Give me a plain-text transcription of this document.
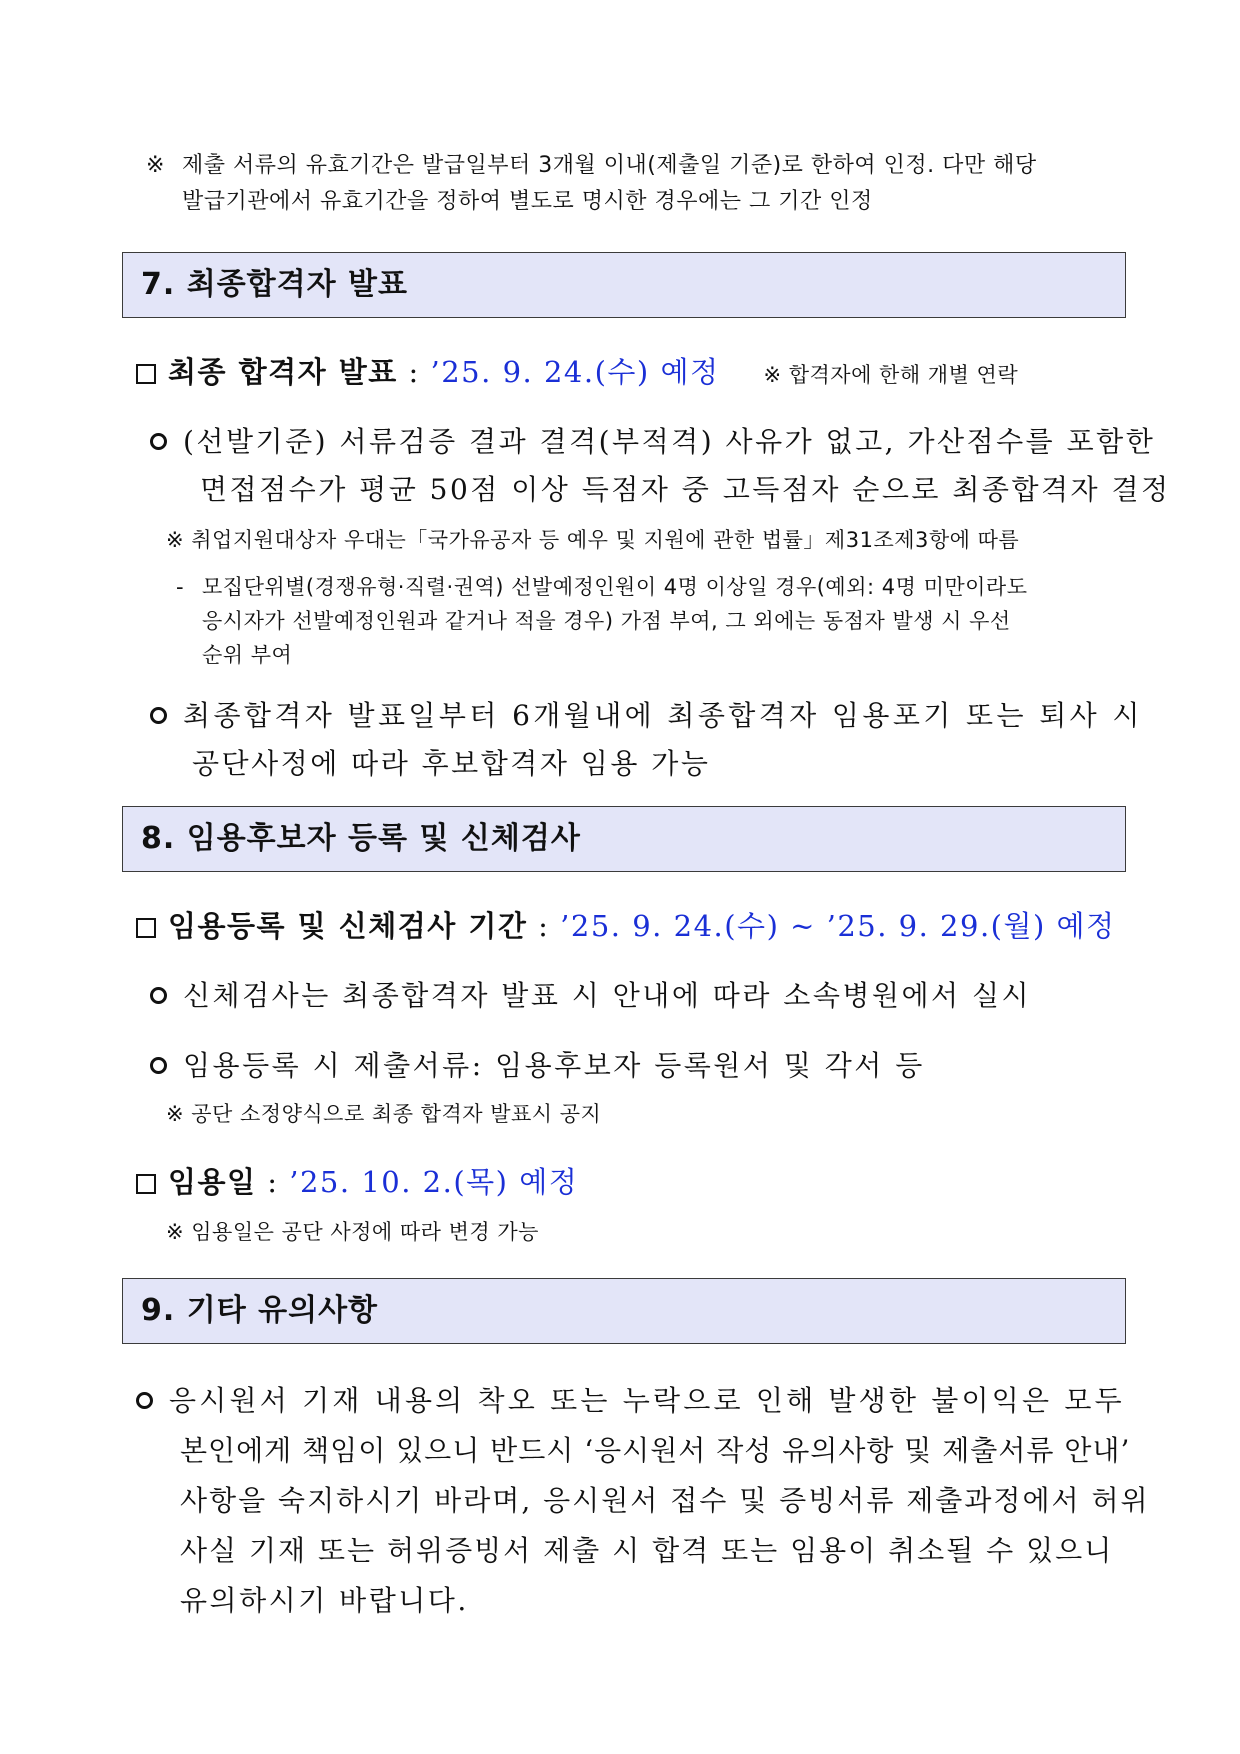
※ 제출 서류의 유효기간은 발급일부터 3개월 이내(제출일 기준)로 한하여 인정. 다만 해당
발급기관에서 유효기간을 정하여 별도로 명시한 경우에는 그 기간 인정
7. 최종합격자 발표
최종 합격자 발표 : ’25. 9. 24.(수) 예정 ※ 합격자에 한해 개별 연락
(선발기준) 서류검증 결과 결격(부적격) 사유가 없고, 가산점수를 포함한
면접점수가 평균 50점 이상 득점자 중 고득점자 순으로 최종합격자 결정
※ 취업지원대상자 우대는「국가유공자 등 예우 및 지원에 관한 법률」제31조제3항에 따름
- 모집단위별(경쟁유형·직렬·권역) 선발예정인원이 4명 이상일 경우(예외: 4명 미만이라도
응시자가 선발예정인원과 같거나 적을 경우) 가점 부여, 그 외에는 동점자 발생 시 우선
순위 부여
최종합격자 발표일부터 6개월내에 최종합격자 임용포기 또는 퇴사 시
공단사정에 따라 후보합격자 임용 가능
8. 임용후보자 등록 및 신체검사
임용등록 및 신체검사 기간 : ’25. 9. 24.(수) ~ ’25. 9. 29.(월) 예정
신체검사는 최종합격자 발표 시 안내에 따라 소속병원에서 실시
임용등록 시 제출서류: 임용후보자 등록원서 및 각서 등
※ 공단 소정양식으로 최종 합격자 발표시 공지
임용일 : ’25. 10. 2.(목) 예정
※ 임용일은 공단 사정에 따라 변경 가능
9. 기타 유의사항
응시원서 기재 내용의 착오 또는 누락으로 인해 발생한 불이익은 모두
본인에게 책임이 있으니 반드시 ‘응시원서 작성 유의사항 및 제출서류 안내’
사항을 숙지하시기 바라며, 응시원서 접수 및 증빙서류 제출과정에서 허위
사실 기재 또는 허위증빙서 제출 시 합격 또는 임용이 취소될 수 있으니
유의하시기 바랍니다.
